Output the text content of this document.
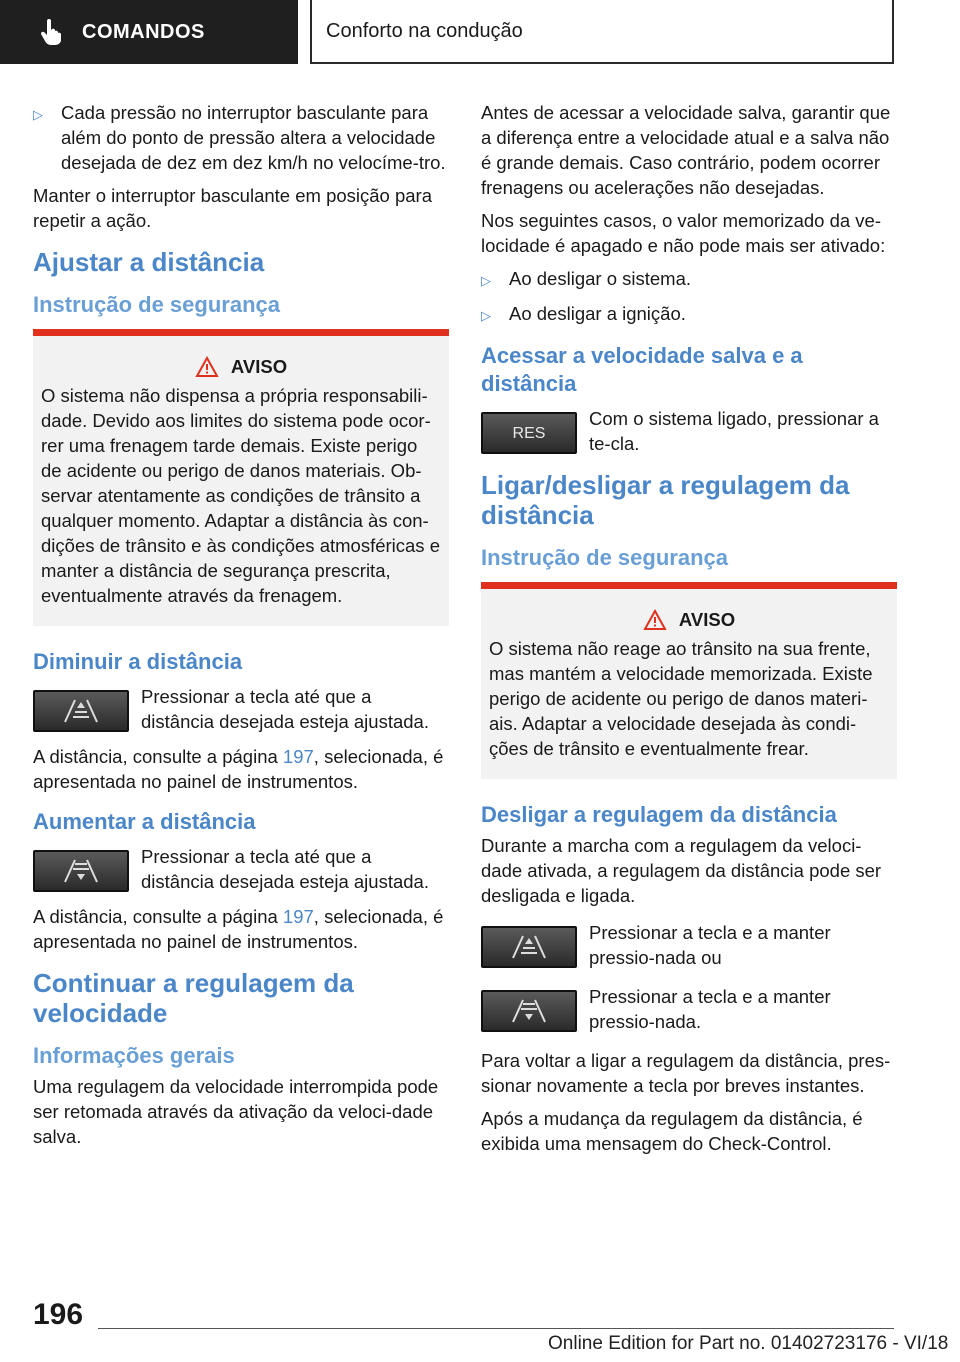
COMANDOS	Conforto na condução
▷ Cada pressão no interruptor basculante para além do ponto de pressão altera a velocidade desejada de dez em dez km/h no velocíme-tro.

Manter o interruptor basculante em posição para repetir a ação.

Ajustar a distância
Instrução de segurança
AVISO
O sistema não dispensa a própria responsabili-dade. Devido aos limites do sistema pode ocor-rer uma frenagem tarde demais. Existe perigo de acidente ou perigo de danos materiais. Ob-servar atentamente as condições de trânsito a qualquer momento. Adaptar a distância às con-dições de trânsito e às condições atmosféricas e manter a distância de segurança prescrita, eventualmente através da frenagem.
Diminuir a distância
Pressionar a tecla até que a distância desejada esteja ajustada.

A distância, consulte a página 197, selecionada, é apresentada no painel de instrumentos.

Aumentar a distância
Pressionar a tecla até que a distância desejada esteja ajustada.

A distância, consulte a página 197, selecionada, é apresentada no painel de instrumentos.

Continuar a regulagem da velocidade
Informações gerais

Uma regulagem da velocidade interrompida pode ser retomada através da ativação da veloci-dade salva.

Antes de acessar a velocidade salva, garantir que a diferença entre a velocidade atual e a salva não é grande demais. Caso contrário, podem ocorrer frenagens ou acelerações não desejadas.

Nos seguintes casos, o valor memorizado da ve-locidade é apagado e não pode mais ser ativado:

▷ Ao desligar o sistema.
▷ Ao desligar a ignição.
Acessar a velocidade salva e a distância
RES
Com o sistema ligado, pressionar a te-cla.
Ligar/desligar a regulagem da distância
Instrução de segurança
AVISO
O sistema não reage ao trânsito na sua frente, mas mantém a velocidade memorizada. Existe perigo de acidente ou perigo de danos materi-ais. Adaptar a velocidade desejada às condi-ções de trânsito e eventualmente frear.
Desligar a regulagem da distância

Durante a marcha com a regulagem da veloci-dade ativada, a regulagem da distância pode ser desligada e ligada.

Pressionar a tecla e a manter pressio-nada ou
Pressionar a tecla e a manter pressio-nada.

Para voltar a ligar a regulagem da distância, pres-sionar novamente a tecla por breves instantes.

Após a mudança da regulagem da distância, é exibida uma mensagem do Check-Control.

196
Online Edition for Part no. 01402723176 - VI/18
